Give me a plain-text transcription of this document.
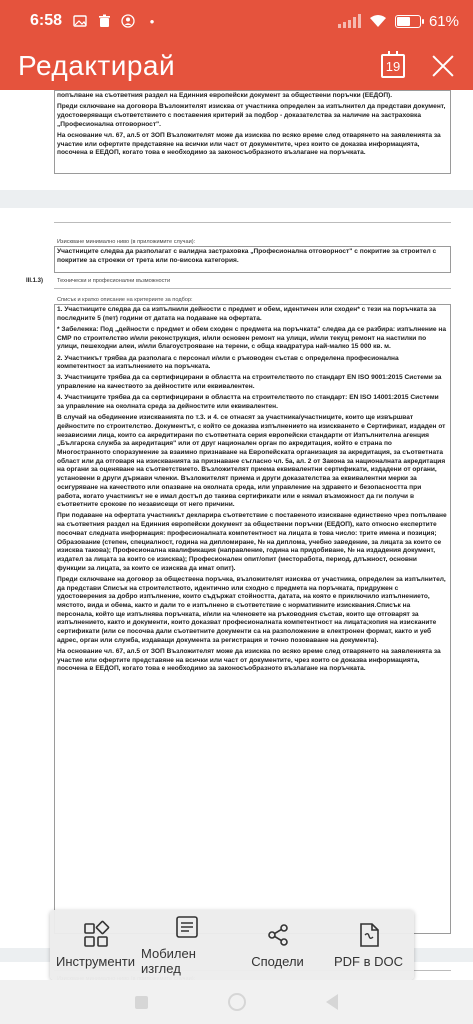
6:58	•	61%
Редактирай	19

попълване на съответния раздел на Единния европейски документ за обществени поръчки (ЕЕДОП).

Преди сключване на договора Възложителят изисква от участника определен за изпълнител да представи документ, удостоверяващи съответствието с поставения критерий за подбор - доказателства за наличие на застраховка „Професионална отговорност".

На основание чл. 67, ал.5 от ЗОП Възложителят може да изисква по всяко време след отварянето на заявленията за участие или офертите представяне на всички или част от документите, чрез които се доказва информацията, посочена в ЕЕДОП, когато това е необходимо за законосъобразното възлагане на поръчката.

Изискване минимално ниво (в приложимите случаи):

Участниците следва да разполагат с валидна застраховка „Професионална отговорност" с покритие за строител с покритие за строежи от трета или по-висока категория.

III.1.3) Технически и професионални възможности
Списък и кратко описание на критериите за подбор:

1. Участниците следва да са изпълнили дейности с предмет и обем, идентичен или сходен* с тези на поръчката за последните 5 (пет) години от датата на подаване на офертата.

* Забележка: Под „дейности с предмет и обем сходен с предмета на поръчката" следва да се разбира: изпълнение на СМР по строителство и/или реконструкция, и/или основен ремонт на улици, и/или текущ ремонт на настилки по улици, пешеходни алеи, и/или благоустрояване на терени, с обща квадратура най-малко 15 000 кв. м.

2. Участникът трябва да разполага с персонал и/или с ръководен състав с определена професионална компетентност за изпълнението на поръчката.

3. Участниците трябва да са сертифицирани в областта на строителството по стандарт EN ISO 9001:2015 Системи за управление на качеството за дейностите или еквивалентен.

4. Участниците трябва да са сертифицирани в областта на строителството по стандарт: EN ISO 14001:2015 Системи за управление на околната среда за дейностите или еквивалентен.

В случай на обединение изискванията по т.3. и 4. се отнасят за участника/участниците, които ще извършват дейностите по строителство. Документът, с който се доказва изпълнението на изискването е Сертификат, издаден от независими лица, които са акредитирани по съответната серия европейски стандарти от Изпълнителна агенция „Българска служба за акредитация" или от друг национален орган по акредитация, който е страна по Многостранното споразумение за взаимно признаване на Европейската организация за акредитация, за съответната област или да отговаря на изискванията за признаване съгласно чл. 5а, ал. 2 от Закона за националната акредитация на органи за оценяване на съответствието. Възложителят приема еквивалентни сертификати, издадени от органи, установени в други държави членки. Възложителят приема и други доказателства за еквивалентни мерки за осигуряване на качеството или опазване на околната среда, или управление на здравето и безопасността при работа, когато участникът не е имал достъп до такива сертификати или е нямал възможност да ги получи в съответните срокове по независещи от него причини.

При подаване на офертата участникът декларира съответствие с поставеното изискване единствено чрез попълване на съответния раздел на Единния европейски документ за обществени поръчки (ЕЕДОП), като относно експертите посочват следната информация: професионалната компетентност на лицата в това число: трите имена и позиция; Образование (степен, специалност, година на дипломиране, № на диплома, учебно заведение, за лицата за които се изисква такова); Професионална квалификация (направление, година на придобиване, № на издадения документ, издател за лицата за които се изисква); Професионален опит/опит (месторабота, период, длъжност, основни функции за лицата, за които се изисква да имат опит).

Преди сключване на договор за обществена поръчка, възложителят изисква от участника, определен за изпълнител, да представи Списък на строителството, идентично или сходно с предмета на поръчката, придружен с удостоверения за добро изпълнение, които съдържат стойността, датата, на която е приключило изпълнението, мястото, вида и обема, както и дали то е изпълнено в съответствие с нормативните изисквания.Списък на персонала, който ще изпълнява поръчката, и/или на членовете на ръководния състав, които ще отговарят за изпълнението, както и документи, които доказват професионалната компетентност на лицата;копия на изисканите сертификати (или се посочва дали съответните документи са на разположение в електронен формат, както и уеб адрес, орган или служба, издаващи документа за регистрация и точно позоваване на документа).

На основание чл. 67, ал.5 от ЗОП Възложителят може да изисква по всяко време след отварянето на заявленията за участие или офертите представяне на всички или част от документите, чрез които се доказва информацията, посочена в ЕЕДОП, когато това е необходимо за законосъобразното възлагане на поръчката.

Инструменти Мобилен изглед	Сподели PDF в DOC
